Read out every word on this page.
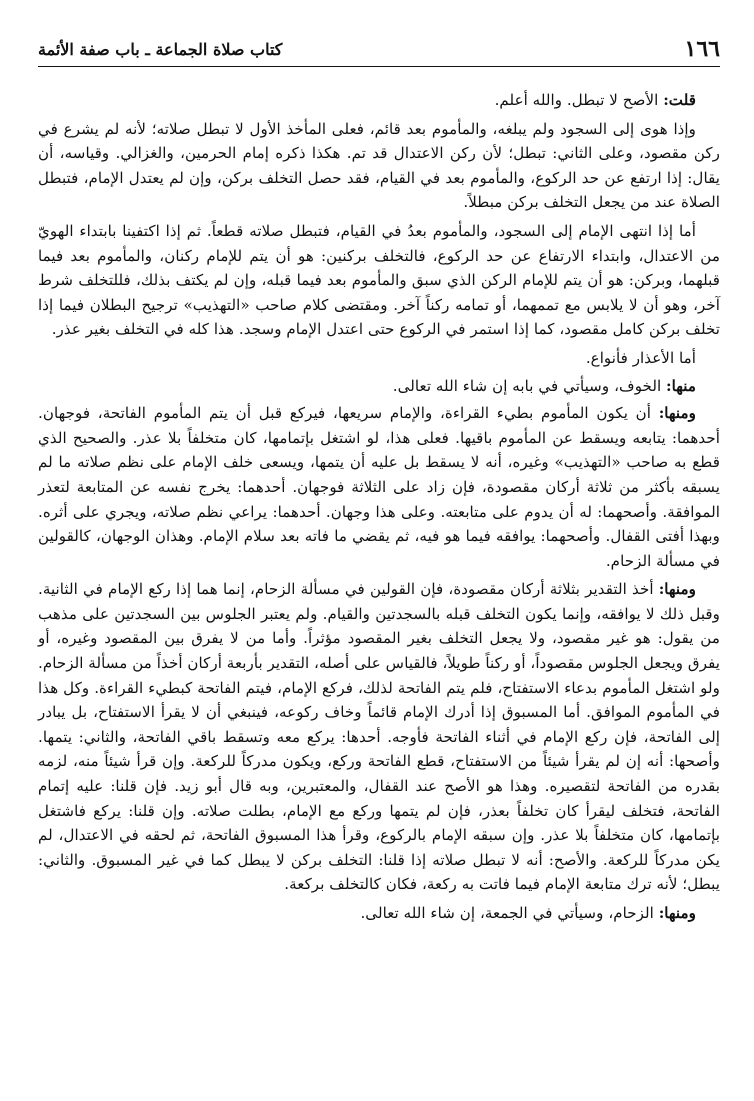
كتاب صلاة الجماعة ـ باب صفة الأئمة	١٦٦

قلت: الأصح لا تبطل. والله أعلم.

وإذا هوى إلى السجود ولم يبلغه، والمأموم بعد قائم، فعلى المأخذ الأول لا تبطل صلاته؛ لأنه لم يشرع في ركن مقصود، وعلى الثاني: تبطل؛ لأن ركن الاعتدال قد تم. هكذا ذكره إمام الحرمين، والغزالي. وقياسه، أن يقال: إذا ارتفع عن حد الركوع، والمأموم بعد في القيام، فقد حصل التخلف بركن، وإن لم يعتدل الإمام، فتبطل الصلاة عند من يجعل التخلف بركن مبطلاً.

أما إذا انتهى الإمام إلى السجود، والمأموم بعدُ في القيام، فتبطل صلاته قطعاً. ثم إذا اكتفينا بابتداء الهويّ من الاعتدال، وابتداء الارتفاع عن حد الركوع، فالتخلف بركنين: هو أن يتم للإمام ركنان، والمأموم بعد فيما قبلهما، وبركن: هو أن يتم للإمام الركن الذي سبق والمأموم بعد فيما قبله، وإن لم يكتف بذلك، فللتخلف شرط آخر، وهو أن لا يلابس مع تممهما، أو تمامه ركناً آخر. ومقتضى كلام صاحب «التهذيب» ترجيح البطلان فيما إذا تخلف بركن كامل مقصود، كما إذا استمر في الركوع حتى اعتدل الإمام وسجد. هذا كله في التخلف بغير عذر.

أما الأعذار فأنواع.

منها: الخوف، وسيأتي في بابه إن شاء الله تعالى.

ومنها: أن يكون المأموم بطيء القراءة، والإمام سريعها، فيركع قبل أن يتم المأموم الفاتحة، فوجهان. أحدهما: يتابعه ويسقط عن المأموم باقيها. فعلى هذا، لو اشتغل بإتمامها، كان متخلفاً بلا عذر. والصحيح الذي قطع به صاحب «التهذيب» وغيره، أنه لا يسقط بل عليه أن يتمها، ويسعى خلف الإمام على نظم صلاته ما لم يسبقه بأكثر من ثلاثة أركان مقصودة، فإن زاد على الثلاثة فوجهان. أحدهما: يخرج نفسه عن المتابعة لتعذر الموافقة. وأصحهما: له أن يدوم على متابعته. وعلى هذا وجهان. أحدهما: يراعي نظم صلاته، ويجري على أثره. وبهذا أفتى القفال. وأصحهما: يوافقه فيما هو فيه، ثم يقضي ما فاته بعد سلام الإمام. وهذان الوجهان، كالقولين في مسألة الزحام.

ومنها: أخذ التقدير بثلاثة أركان مقصودة، فإن القولين في مسألة الزحام، إنما هما إذا ركع الإمام في الثانية. وقبل ذلك لا يوافقه، وإنما يكون التخلف قبله بالسجدتين والقيام. ولم يعتبر الجلوس بين السجدتين على مذهب من يقول: هو غير مقصود، ولا يجعل التخلف بغير المقصود مؤثراً. وأما من لا يفرق بين المقصود وغيره، أو يفرق ويجعل الجلوس مقصوداً، أو ركناً طويلاً، فالقياس على أصله، التقدير بأربعة أركان أخذاً من مسألة الزحام. ولو اشتغل المأموم بدعاء الاستفتاح، فلم يتم الفاتحة لذلك، فركع الإمام، فيتم الفاتحة كبطيء القراءة. وكل هذا في المأموم الموافق. أما المسبوق إذا أدرك الإمام قائماً وخاف ركوعه، فينبغي أن لا يقرأ الاستفتاح، بل يبادر إلى الفاتحة، فإن ركع الإمام في أثناء الفاتحة فأوجه. أحدها: يركع معه وتسقط باقي الفاتحة، والثاني: يتمها. وأصحها: أنه إن لم يقرأ شيئاً من الاستفتاح، قطع الفاتحة وركع، ويكون مدركاً للركعة. وإن قرأ شيئاً منه، لزمه بقدره من الفاتحة لتقصيره. وهذا هو الأصح عند القفال، والمعتبرين، وبه قال أبو زيد. فإن قلنا: عليه إتمام الفاتحة، فتخلف ليقرأ كان تخلفاً بعذر، فإن لم يتمها وركع مع الإمام، بطلت صلاته. وإن قلنا: يركع فاشتغل بإتمامها، كان متخلفاً بلا عذر. وإن سبقه الإمام بالركوع، وقرأ هذا المسبوق الفاتحة، ثم لحقه في الاعتدال، لم يكن مدركاً للركعة. والأصح: أنه لا تبطل صلاته إذا قلنا: التخلف بركن لا يبطل كما في غير المسبوق. والثاني: يبطل؛ لأنه ترك متابعة الإمام فيما فاتت به ركعة، فكان كالتخلف بركعة.

ومنها: الزحام، وسيأتي في الجمعة، إن شاء الله تعالى.
